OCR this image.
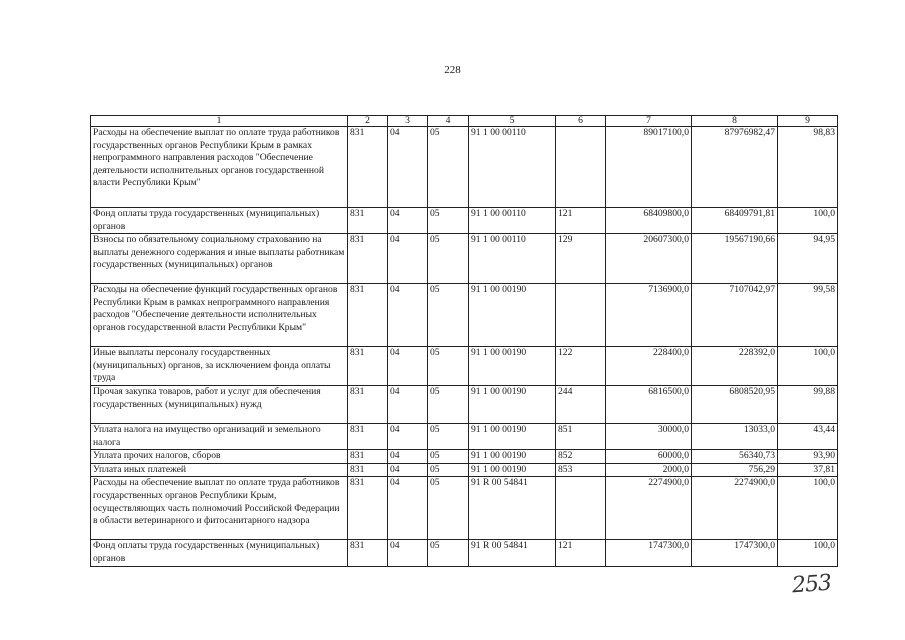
228
1	2	3	4	5	6	7	8	9
Расходы на обеспечение выплат по оплате труда работников государственных органов Республики Крым в рамках непрограммного направления расходов "Обеспечение деятельности исполнительных органов государственной власти Республики Крым"	831	04	05	91 1 00 00110		89017100,0	87976982,47	98,83
Фонд оплаты труда государственных (муниципальных) органов	831	04	05	91 1 00 00110	121	68409800,0	68409791,81	100,0
Взносы по обязательному социальному страхованию на выплаты денежного содержания и иные выплаты работникам государственных (муниципальных) органов	831	04	05	91 1 00 00110	129	20607300,0	19567190,66	94,95
Расходы на обеспечение функций государственных органов Республики Крым в рамках непрограммного направления расходов "Обеспечение деятельности исполнительных органов государственной власти Республики Крым"	831	04	05	91 1 00 00190		7136900,0	7107042,97	99,58
Иные выплаты персоналу государственных (муниципальных) органов, за исключением фонда оплаты труда	831	04	05	91 1 00 00190	122	228400,0	228392,0	100,0
Прочая закупка товаров, работ и услуг для обеспечения государственных (муниципальных) нужд	831	04	05	91 1 00 00190	244	6816500,0	6808520,95	99,88
Уплата налога на имущество организаций и земельного налога	831	04	05	91 1 00 00190	851	30000,0	13033,0	43,44
Уплата прочих налогов, сборов	831	04	05	91 1 00 00190	852	60000,0	56340,73	93,90
Уплата иных платежей	831	04	05	91 1 00 00190	853	2000,0	756,29	37,81
Расходы на обеспечение выплат по оплате труда работников государственных органов Республики Крым, осуществляющих часть полномочий Российской Федерации в области ветеринарного и фитосанитарного надзора	831	04	05	91 R 00 54841		2274900,0	2274900,0	100,0
Фонд оплаты труда государственных (муниципальных) органов	831	04	05	91 R 00 54841	121	1747300,0	1747300,0	100,0
253
